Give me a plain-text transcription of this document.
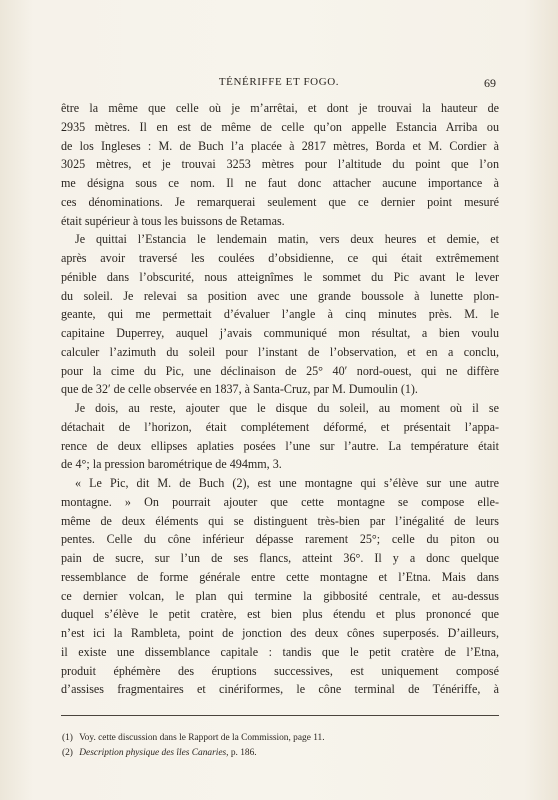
TÉNÉRIFFE ET FOGO.	69
être la même que celle où je m’arrêtai, et dont je trouvai la hauteur de
2935 mètres. Il en est de même de celle qu’on appelle Estancia Arriba ou
de los Ingleses : M. de Buch l’a placée à 2817 mètres, Borda et M. Cordier à
3025 mètres, et je trouvai 3253 mètres pour l’altitude du point que l’on
me désigna sous ce nom. Il ne faut donc attacher aucune importance à
ces dénominations. Je remarquerai seulement que ce dernier point mesuré
était supérieur à tous les buissons de Retamas.
Je quittai l’Estancia le lendemain matin, vers deux heures et demie, et
après avoir traversé les coulées d’obsidienne, ce qui était extrêmement
pénible dans l’obscurité, nous atteignîmes le sommet du Pic avant le lever
du soleil. Je relevai sa position avec une grande boussole à lunette plon-
geante, qui me permettait d’évaluer l’angle à cinq minutes près. M. le
capitaine Duperrey, auquel j’avais communiqué mon résultat, a bien voulu
calculer l’azimuth du soleil pour l’instant de l’observation, et en a conclu,
pour la cime du Pic, une déclinaison de 25° 40′ nord-ouest, qui ne diffère
que de 32′ de celle observée en 1837, à Santa-Cruz, par M. Dumoulin (1).
Je dois, au reste, ajouter que le disque du soleil, au moment où il se
détachait de l’horizon, était complétement déformé, et présentait l’appa-
rence de deux ellipses aplaties posées l’une sur l’autre. La température était
de 4°; la pression barométrique de 494mm, 3.
« Le Pic, dit M. de Buch (2), est une montagne qui s’élève sur une autre
montagne. » On pourrait ajouter que cette montagne se compose elle-
même de deux éléments qui se distinguent très-bien par l’inégalité de leurs
pentes. Celle du cône inférieur dépasse rarement 25°; celle du piton ou
pain de sucre, sur l’un de ses flancs, atteint 36°. Il y a donc quelque
ressemblance de forme générale entre cette montagne et l’Etna. Mais dans
ce dernier volcan, le plan qui termine la gibbosité centrale, et au-dessus
duquel s’élève le petit cratère, est bien plus étendu et plus prononcé que
n’est ici la Rambleta, point de jonction des deux cônes superposés. D’ailleurs,
il existe une dissemblance capitale : tandis que le petit cratère de l’Etna,
produit éphémère des éruptions successives, est uniquement composé
d’assises fragmentaires et cinériformes, le cône terminal de Ténériffe, à
(1) Voy. cette discussion dans le Rapport de la Commission, page 11.
(2) Description physique des îles Canaries, p. 186.
